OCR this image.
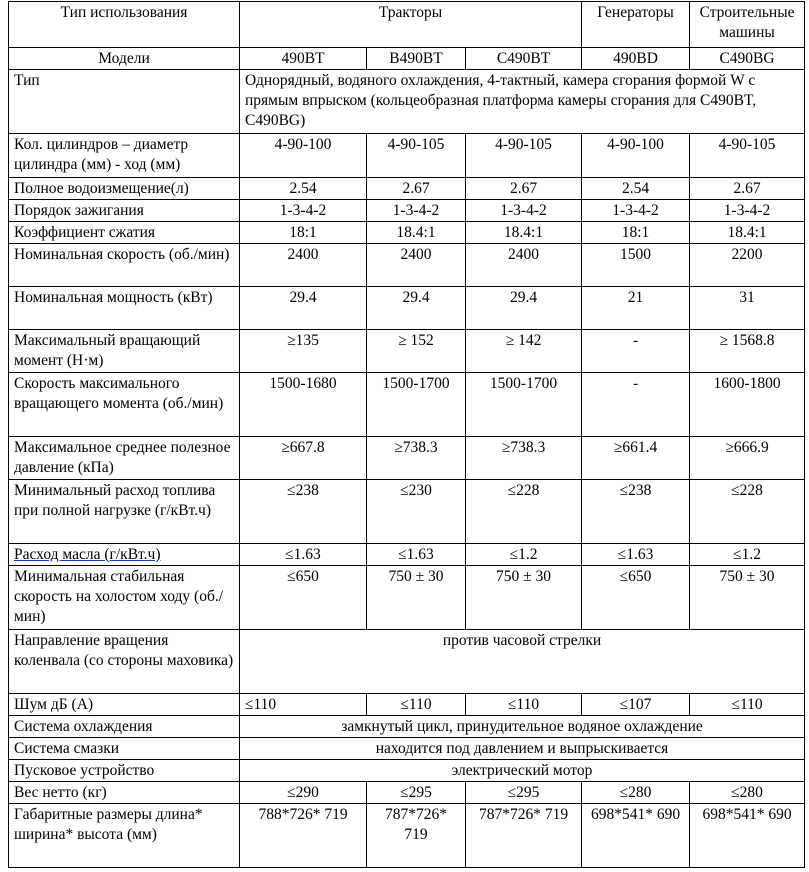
Тип использования	Тракторы			Генераторы	Строительные машины
Модели	490BT	B490BT	C490BT	490BD	C490BG
Тип	Однорядный, водяного охлаждения, 4-тактный, камера сгорания формой W с прямым впрыском (кольцеобразная платформа камеры сгорания для C490BT, C490BG)				
Кол. цилиндров – диаметр цилиндра (мм) - ход (мм)	4-90-100	4-90-105	4-90-105	4-90-100	4-90-105
Полное водоизмещение(л)	2.54	2.67	2.67	2.54	2.67
Порядок зажигания	1-3-4-2	1-3-4-2	1-3-4-2	1-3-4-2	1-3-4-2
Коэффициент сжатия	18:1	18.4:1	18.4:1	18:1	18.4:1
Номинальная скорость (об./мин)	2400	2400	2400	1500	2200
Номинальная мощность (кВт)	29.4	29.4	29.4	21	31
Максимальный вращающий момент (Н·м)	≥135	≥ 152	≥ 142	-	≥ 1568.8
Скорость максимального вращающего момента (об./мин)	1500-1680	1500-1700	1500-1700	-	1600-1800
Максимальное среднее полезное давление (кПа)	≥667.8	≥738.3	≥738.3	≥661.4	≥666.9
Минимальный расход топлива при полной нагрузке (г/кВт.ч)	≤238	≤230	≤228	≤238	≤228
Расход масла (г/кВт.ч)	≤1.63	≤1.63	≤1.2	≤1.63	≤1.2
Минимальная стабильная скорость на холостом ходу (об./мин)	≤650	750 ± 30	750 ± 30	≤650	750 ± 30
Направление вращения коленвала (со стороны маховика)	против часовой стрелки				
Шум дБ (А)	≤110	≤110	≤110	≤107	≤110
Система охлаждения	замкнутый цикл, принудительное водяное охлаждение				
Система смазки	находится под давлением и выпрыскивается				
Пусковое устройство	электрический мотор				
Вес нетто (кг)	≤290	≤295	≤295	≤280	≤280
Габаритные размеры длина* ширина* высота (мм)	788*726* 719	787*726* 719	787*726* 719	698*541* 690	698*541* 690
